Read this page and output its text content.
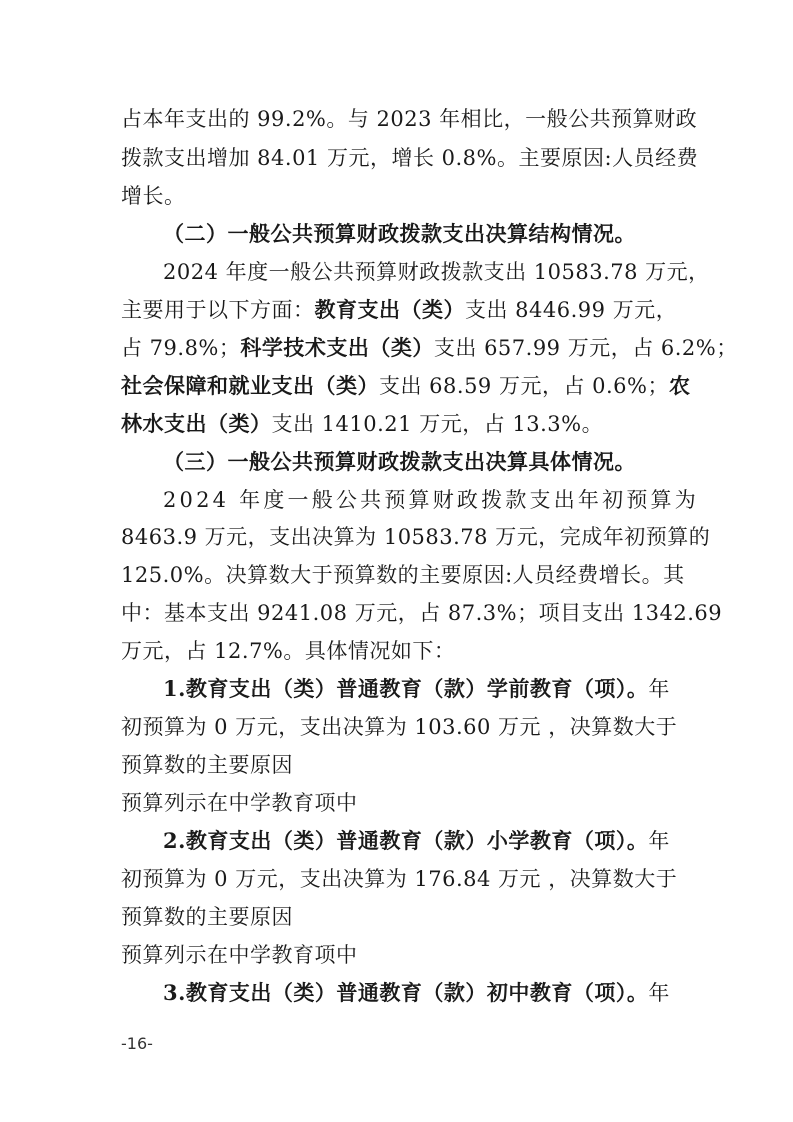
占本年支出的 99.2%。与 2023 年相比，一般公共预算财政
拨款支出增加 84.01 万元，增长 0.8%。主要原因:人员经费
增长。
（二）一般公共预算财政拨款支出决算结构情况。
2024 年度一般公共预算财政拨款支出 10583.78 万元，
主要用于以下方面：教育支出（类）支出 8446.99 万元，
占 79.8%；科学技术支出（类）支出 657.99 万元，占 6.2%；
社会保障和就业支出（类）支出 68.59 万元，占 0.6%；农
林水支出（类）支出 1410.21 万元，占 13.3%。
（三）一般公共预算财政拨款支出决算具体情况。
2024 年度一般公共预算财政拨款支出年初预算为
8463.9 万元，支出决算为 10583.78 万元，完成年初预算的
125.0%。决算数大于预算数的主要原因:人员经费增长。其
中：基本支出 9241.08 万元，占 87.3%；项目支出 1342.69
万元，占 12.7%。具体情况如下：
1.教育支出（类）普通教育（款）学前教育（项）。年
初预算为 0 万元，支出决算为 103.60 万元 ，决算数大于
预算数的主要原因
预算列示在中学教育项中
2.教育支出（类）普通教育（款）小学教育（项）。年
初预算为 0 万元，支出决算为 176.84 万元 ，决算数大于
预算数的主要原因
预算列示在中学教育项中
3.教育支出（类）普通教育（款）初中教育（项）。年
-16-
